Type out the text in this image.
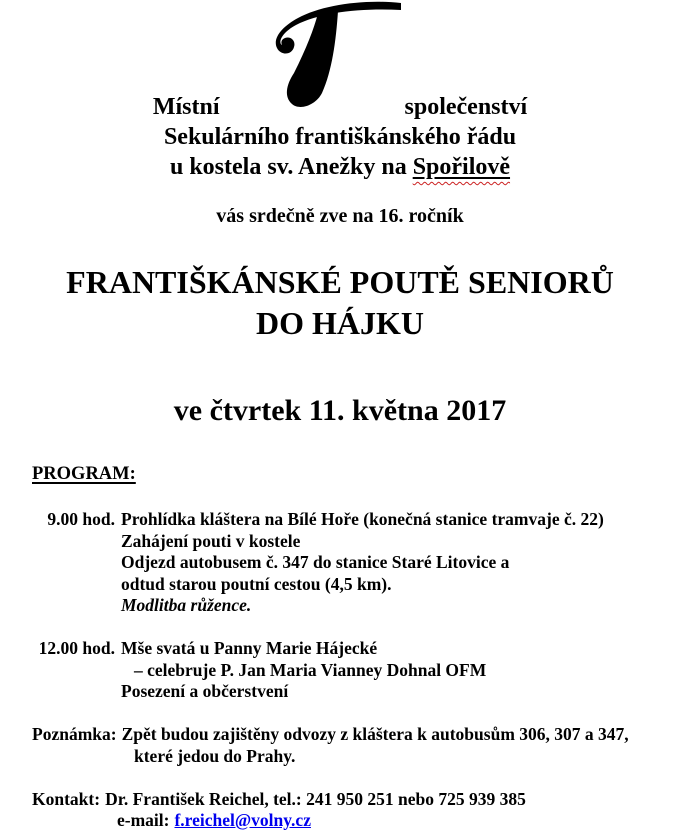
Místní	společenství
Sekulárního františkánského řádu
u kostela sv. Anežky na Spořilově
vás srdečně zve na 16. ročník
FRANTIŠKÁNSKÉ POUTĚ SENIORŮ
DO HÁJKU
ve čtvrtek 11. května 2017
PROGRAM:
9.00 hod. Prohlídka kláštera na Bílé Hoře (konečná stanice tramvaje č. 22)
Zahájení pouti v kostele
Odjezd autobusem č. 347 do stanice Staré Litovice a
odtud starou poutní cestou (4,5 km).
Modlitba růžence.
12.00 hod. Mše svatá u Panny Marie Hájecké
– celebruje P. Jan Maria Vianney Dohnal OFM
Posezení a občerstvení
Poznámka: Zpět budou zajištěny odvozy z kláštera k autobusům 306, 307 a 347,
které jedou do Prahy.
Kontakt: Dr. František Reichel, tel.: 241 950 251 nebo 725 939 385
e-mail: f.reichel@volny.cz
